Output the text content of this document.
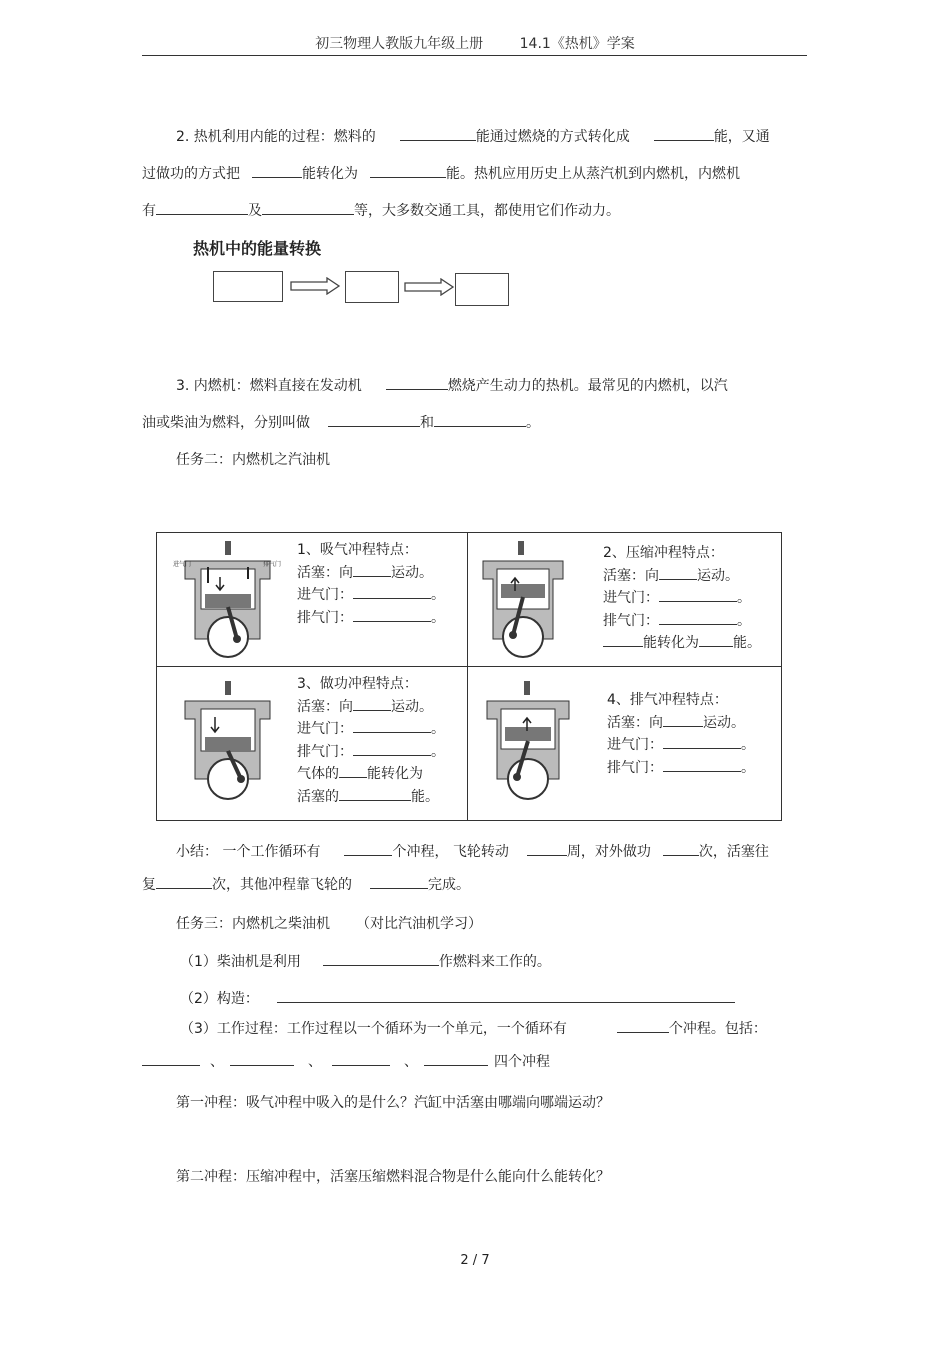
初三物理人教版九年级上册	14.1《热机》学案
2. 热机利用内能的过程：燃料的	能通过燃烧的方式转化成	能，又通
过做功的方式把	能转化为	能。热机应用历史上从蒸汽机到内燃机，内燃机
有	及	等，大多数交通工具，都使用它们作动力。
热机中的能量转换
3. 内燃机：燃料直接在发动机	燃烧产生动力的热机。最常见的内燃机，以汽
油或柴油为燃料，分别叫做	和	。
任务二：内燃机之汽油机
进气门	排气门
1、吸气冲程特点：
活塞：向	运动。
进气门：	。
排气门：	。
2、压缩冲程特点：
活塞：向	运动。
进气门：	。
排气门：	。
能转化为 能。
3、做功冲程特点：
活塞：向	运动。
进气门：	。
排气门：	。
气体的 能转化为
活塞的	能。
4、排气冲程特点：
活塞：向	运动。
进气门：	。
排气门：	。
小结： 一个工作循环有	个冲程， 飞轮转动	周，对外做功	次，活塞往
复	次，其他冲程靠飞轮的	完成。
任务三：内燃机之柴油机 （对比汽油机学习）
（1）柴油机是利用	作燃料来工作的。
（2）构造：
（3）工作过程：工作过程以一个循环为一个单元，一个循环有	个冲程。包括：
、	、	、	四个冲程
第一冲程：吸气冲程中吸入的是什么？汽缸中活塞由哪端向哪端运动？
第二冲程：压缩冲程中，活塞压缩燃料混合物是什么能向什么能转化？
2 / 7
